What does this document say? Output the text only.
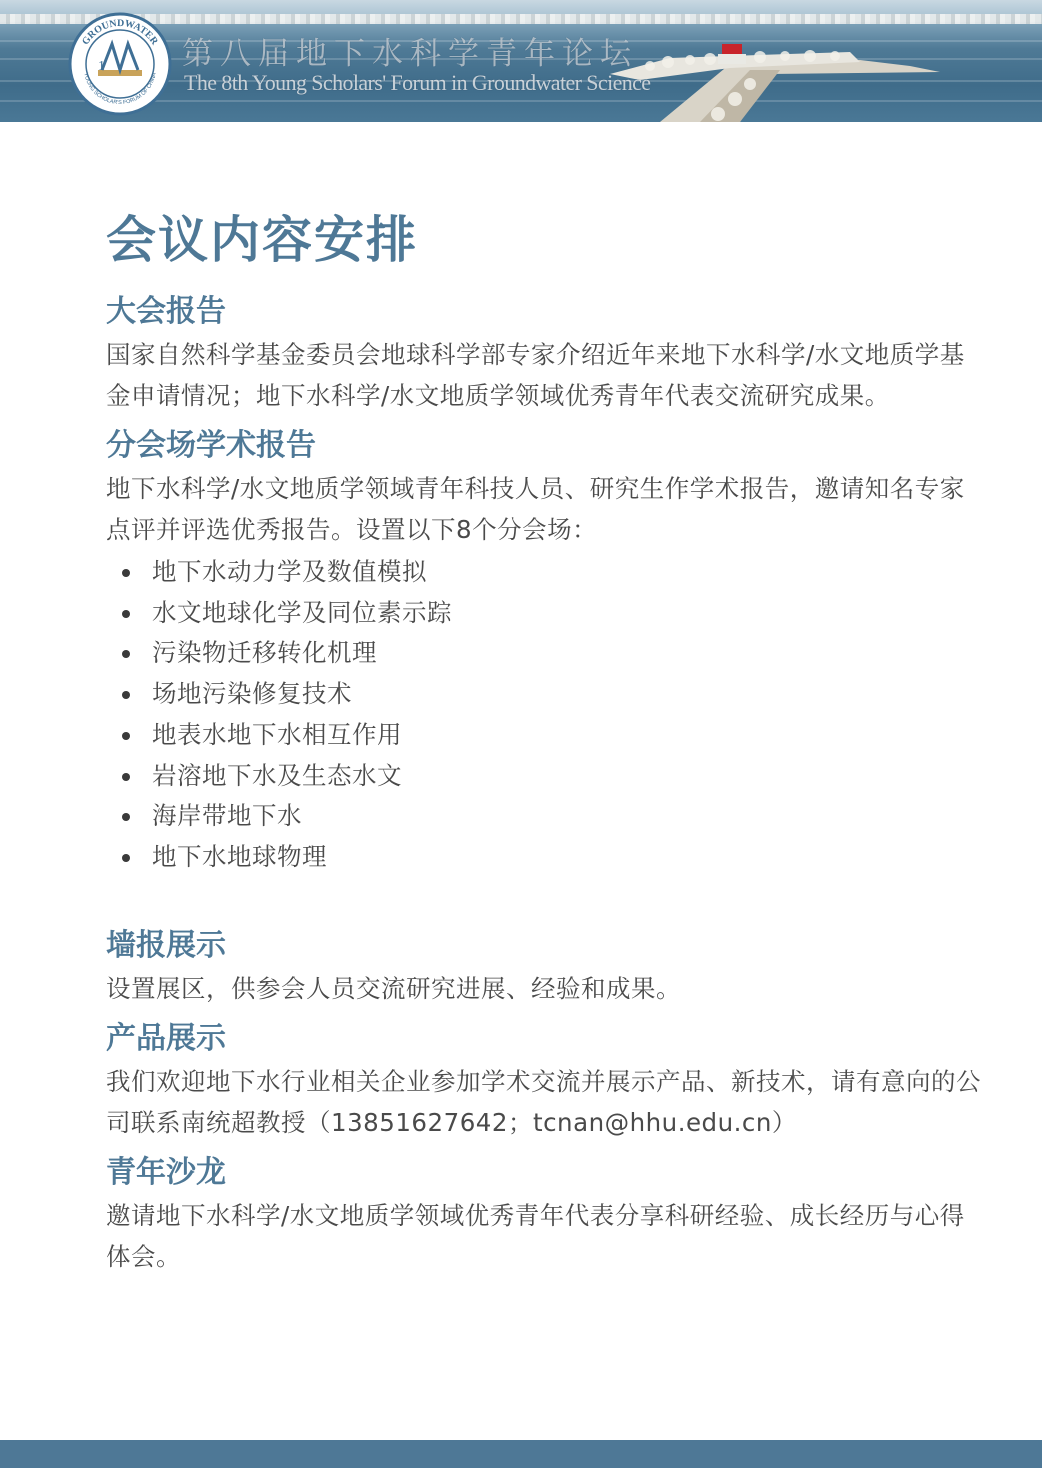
GROUNDWATER
YOUNG SCHOLAR'S FORUM OF CHINA
1 第八届地下水科学青年论坛
The 8th Young Scholars' Forum in Groundwater Science
会议内容安排
大会报告

国家自然科学基金委员会地球科学部专家介绍近年来地下水科学/水文地质学基金申请情况；地下水科学/水文地质学领域优秀青年代表交流研究成果。

分会场学术报告

地下水科学/水文地质学领域青年科技人员、研究生作学术报告，邀请知名专家点评并评选优秀报告。设置以下8个分会场：

地下水动力学及数值模拟
水文地球化学及同位素示踪
污染物迁移转化机理
场地污染修复技术
地表水地下水相互作用
岩溶地下水及生态水文
海岸带地下水
地下水地球物理
墙报展示

设置展区，供参会人员交流研究进展、经验和成果。

产品展示

我们欢迎地下水行业相关企业参加学术交流并展示产品、新技术，请有意向的公司联系南统超教授（13851627642；tcnan@hhu.edu.cn）

青年沙龙

邀请地下水科学/水文地质学领域优秀青年代表分享科研经验、成长经历与心得体会。
